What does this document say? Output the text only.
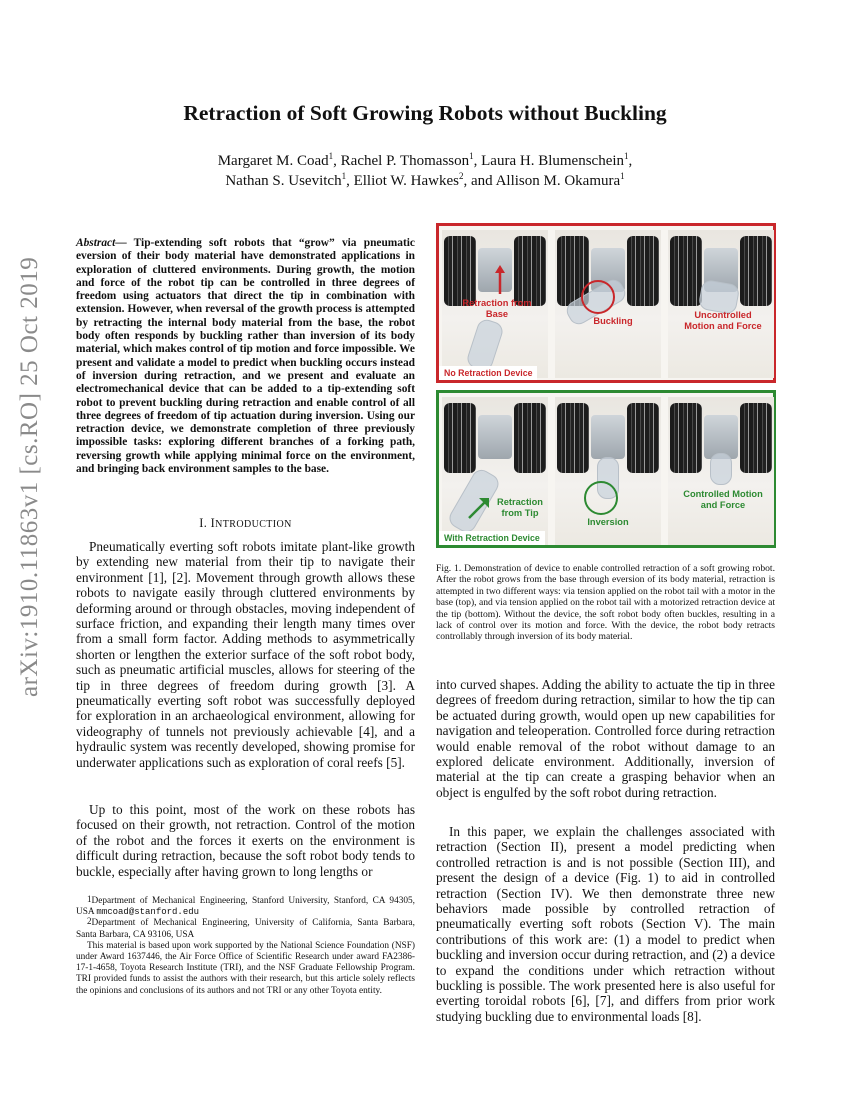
arXiv:1910.11863v1 [cs.RO] 25 Oct 2019
Retraction of Soft Growing Robots without Buckling
Margaret M. Coad$^1$, Rachel P. Thomasson$^1$, Laura H. Blumenschein$^1$,
Nathan S. Usevitch$^1$, Elliot W. Hawkes$^2$, and Allison M. Okamura$^1$
Abstract— Tip-extending soft robots that “grow” via pneumatic eversion of their body material have demonstrated applications in exploration of cluttered environments. During growth, the motion and force of the robot tip can be controlled in three degrees of freedom using actuators that direct the tip in combination with extension. However, when reversal of the growth process is attempted by retracting the internal body material from the base, the robot body often responds by buckling rather than inversion of its body material, which makes control of tip motion and force impossible. We present and validate a model to predict when buckling occurs instead of inversion during retraction, and we present and evaluate an electromechanical device that can be added to a tip-extending soft robot to prevent buckling during retraction and enable control of all three degrees of freedom of tip actuation during inversion. Using our retraction device, we demonstrate completion of three previously impossible tasks: exploring different branches of a forking path, reversing growth while applying minimal force on the environment, and bringing back environment samples to the base.
I. INTRODUCTION

Pneumatically everting soft robots imitate plant-like growth by extending new material from their tip to navigate their environment [1], [2]. Movement through growth allows these robots to navigate easily through cluttered environments by deforming around or through obstacles, moving independent of surface friction, and expanding their length many times over from a small form factor. Adding methods to asymmetrically shorten or lengthen the exterior surface of the soft robot body, such as pneumatic artificial muscles, allows for steering of the tip in three degrees of freedom during growth [3]. A pneumatically everting soft robot was successfully deployed for exploration in an archaeological environment, allowing for videography of tunnels not previously achievable [4], and a hydraulic system was recently developed, showing promise for underwater applications such as exploration of coral reefs [5].

Up to this point, most of the work on these robots has focused on their growth, not retraction. Control of the motion of the robot and the forces it exerts on the environment is difficult during retraction, because the soft robot body tends to buckle, especially after having grown to long lengths or

$^1$Department of Mechanical Engineering, Stanford University, Stanford, CA 94305, USA mmcoad@stanford.edu

$^2$Department of Mechanical Engineering, University of California, Santa Barbara, Santa Barbara, CA 93106, USA

This material is based upon work supported by the National Science Foundation (NSF) under Award 1637446, the Air Force Office of Scientific Research under award FA2386-17-1-4658, Toyota Research Institute (TRI), and the NSF Graduate Fellowship Program. TRI provided funds to assist the authors with their research, but this article solely reflects the opinions and conclusions of its authors and not TRI or any other Toyota entity.

Retraction from Base
Buckling
Uncontrolled Motion and Force
No Retraction Device
Retraction from Tip
Inversion
Controlled Motion and Force
With Retraction Device

Fig. 1. Demonstration of device to enable controlled retraction of a soft growing robot. After the robot grows from the base through eversion of its body material, retraction is attempted in two different ways: via tension applied on the robot tail with a motor in the base (top), and via tension applied on the robot tail with a motorized retraction device at the tip (bottom). Without the device, the soft robot body often buckles, resulting in a lack of control over its motion and force. With the device, the robot body retracts controllably through inversion of its body material.

into curved shapes. Adding the ability to actuate the tip in three degrees of freedom during retraction, similar to how the tip can be actuated during growth, would open up new capabilities for navigation and teleoperation. Controlled force during retraction would enable removal of the robot without damage to an explored delicate environment. Additionally, inversion of material at the tip can create a grasping behavior when an object is engulfed by the soft robot during retraction.

In this paper, we explain the challenges associated with retraction (Section II), present a model predicting when controlled retraction is and is not possible (Section III), and present the design of a device (Fig. 1) to aid in controlled retraction (Section IV). We then demonstrate three new behaviors made possible by controlled retraction of pneumatically everting soft robots (Section V). The main contributions of this work are: (1) a model to predict when buckling and inversion occur during retraction, and (2) a device to expand the conditions under which retraction without buckling is possible. The work presented here is also useful for everting toroidal robots [6], [7], and differs from prior work studying buckling due to environmental loads [8].
